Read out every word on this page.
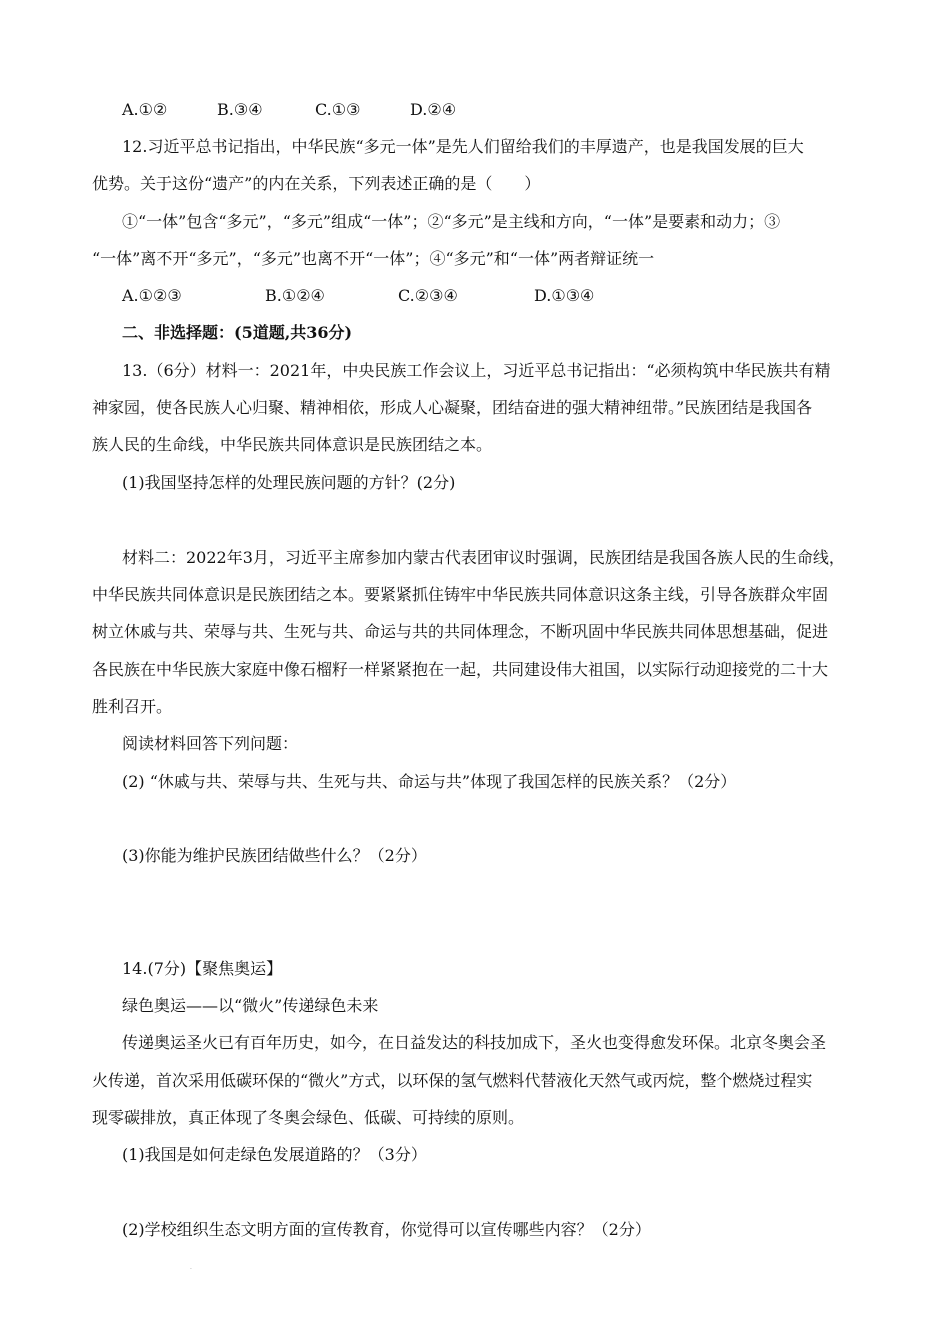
A.①②	B.③④	C.①③	D.②④
12.习近平总书记指出，中华民族“多元一体”是先人们留给我们的丰厚遗产，也是我国发展的巨大
优势。关于这份“遗产”的内在关系，下列表述正确的是（　　）
①“一体”包含“多元”，“多元”组成“一体”；②“多元”是主线和方向，“一体”是要素和动力；③
“一体”离不开“多元”，“多元”也离不开“一体”；④“多元”和“一体”两者辩证统一
A.①②③	B.①②④	C.②③④	D.①③④
二、非选择题：(5道题,共36分)
13.（6分）材料一：2021年，中央民族工作会议上，习近平总书记指出：“必须构筑中华民族共有精
神家园，使各民族人心归聚、精神相依，形成人心凝聚，团结奋进的强大精神纽带。”民族团结是我国各
族人民的生命线，中华民族共同体意识是民族团结之本。
(1)我国坚持怎样的处理民族问题的方针？(2分)
材料二：2022年3月，习近平主席参加内蒙古代表团审议时强调，民族团结是我国各族人民的生命线，
中华民族共同体意识是民族团结之本。要紧紧抓住铸牢中华民族共同体意识这条主线，引导各族群众牢固
树立休戚与共、荣辱与共、生死与共、命运与共的共同体理念，不断巩固中华民族共同体思想基础，促进
各民族在中华民族大家庭中像石榴籽一样紧紧抱在一起，共同建设伟大祖国，以实际行动迎接党的二十大
胜利召开。
阅读材料回答下列问题：
(2) “休戚与共、荣辱与共、生死与共、命运与共”体现了我国怎样的民族关系？（2分）
(3)你能为维护民族团结做些什么？（2分）
14.(7分)【聚焦奥运】
绿色奥运——以“微火”传递绿色未来
传递奥运圣火已有百年历史，如今，在日益发达的科技加成下，圣火也变得愈发环保。北京冬奥会圣
火传递，首次采用低碳环保的“微火”方式，以环保的氢气燃料代替液化天然气或丙烷，整个燃烧过程实
现零碳排放，真正体现了冬奥会绿色、低碳、可持续的原则。
(1)我国是如何走绿色发展道路的？（3分）
(2)学校组织生态文明方面的宣传教育，你觉得可以宣传哪些内容？（2分）
·
